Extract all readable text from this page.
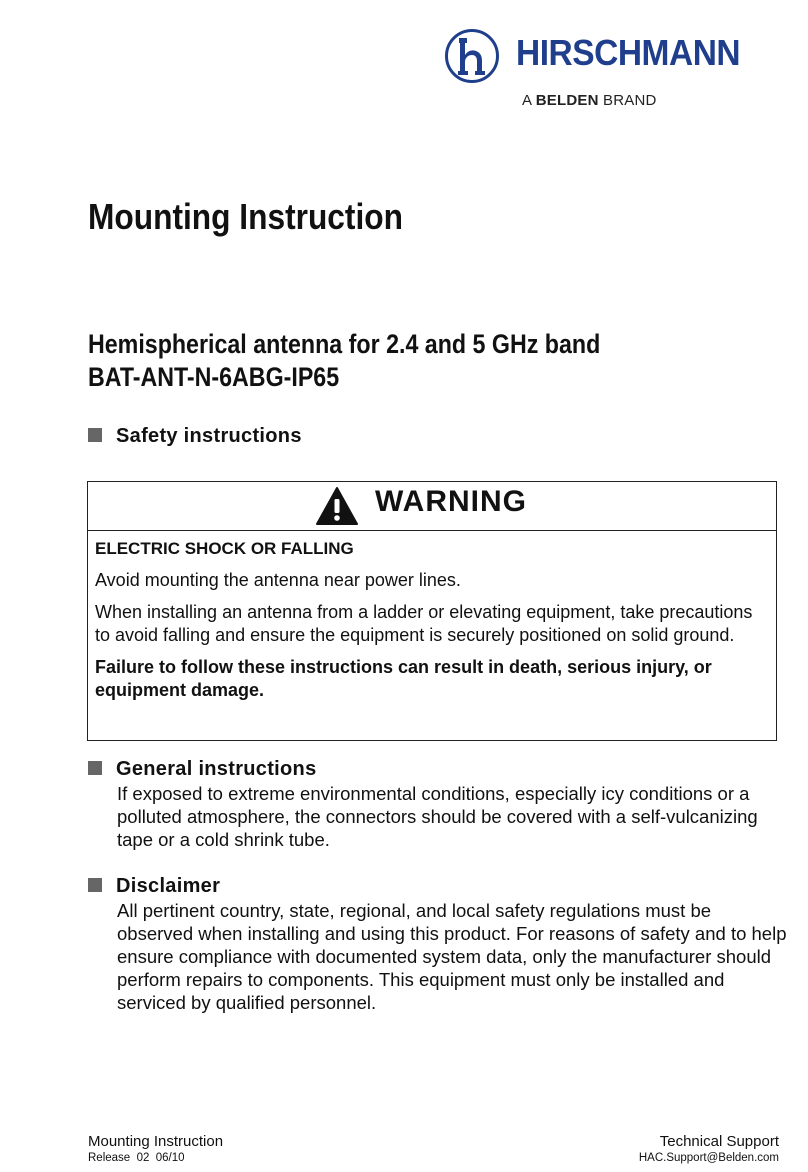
HIRSCHMANN
A BELDEN BRAND
Mounting Instruction
Hemispherical antenna for 2.4 and 5 GHz band
BAT-ANT-N-6ABG-IP65
Safety instructions
WARNING

ELECTRIC SHOCK OR FALLING

Avoid mounting the antenna near power lines.

When installing an antenna from a ladder or elevating equipment, take precautions to avoid falling and ensure the equipment is securely positioned on solid ground.

Failure to follow these instructions can result in death, serious injury, or equipment damage.

General instructions

If exposed to extreme environmental conditions, especially icy conditions or a polluted atmosphere, the connectors should be covered with a self-vulcanizing tape or a cold shrink tube.

Disclaimer

All pertinent country, state, regional, and local safety regulations must be observed when installing and using this product. For reasons of safety and to help ensure compliance with documented system data, only the manufacturer should perform repairs to components. This equipment must only be installed and serviced by qualified personnel.

Mounting Instruction
Release  02  06/10
Technical Support
HAC.Support@Belden.com
